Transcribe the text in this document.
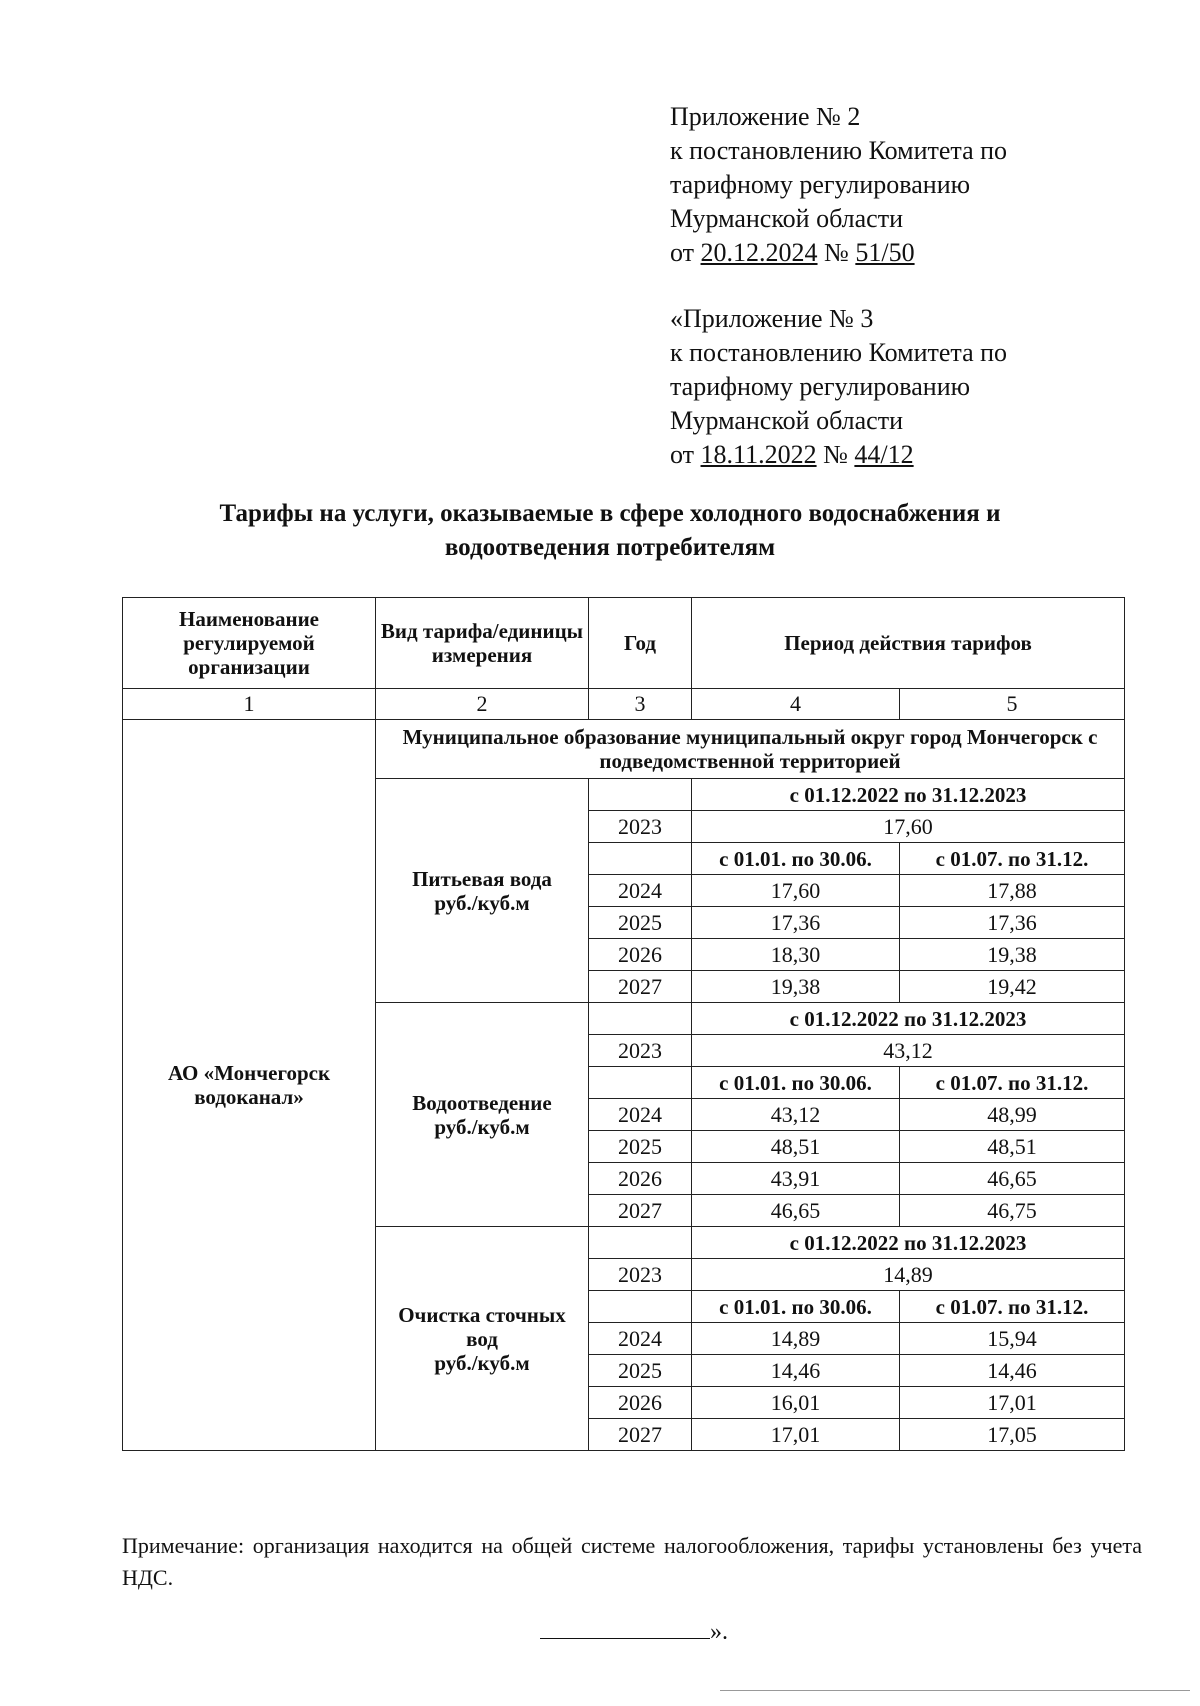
Приложение № 2
к постановлению Комитета по
тарифному регулированию
Мурманской области
от 20.12.2024 № 51/50
«Приложение № 3
к постановлению Комитета по
тарифному регулированию
Мурманской области
от 18.11.2022 № 44/12
Тарифы на услуги, оказываемые в сфере холодного водоснабжения и
водоотведения потребителям
Наименование регулируемой организации	Вид тарифа/единицы измерения	Год	Период действия тарифов	
1	2	3	4	5
АО «Мончегорск водоканал»	Муниципальное образование муниципальный округ город Мончегорск с подведомственной территорией			

	Питьевая вода
руб./куб.м		с 01.12.2022 по 31.12.2023	
		2023	17,60	
			с 01.01. по 30.06.	с 01.07. по 31.12.
		2024	17,60	17,88
		2025	17,36	17,36
		2026	18,30	19,38
		2027	19,38	19,42

	Водоотведение
руб./куб.м		с 01.12.2022 по 31.12.2023	
		2023	43,12	
			с 01.01. по 30.06.	с 01.07. по 31.12.
		2024	43,12	48,99
		2025	48,51	48,51
		2026	43,91	46,65
		2027	46,65	46,75

	Очистка сточных вод
руб./куб.м		с 01.12.2022 по 31.12.2023	
		2023	14,89	
			с 01.01. по 30.06.	с 01.07. по 31.12.
		2024	14,89	15,94
		2025	14,46	14,46
		2026	16,01	17,01
		2027	17,01	17,05
Примечание: организация находится на общей системе налогообложения, тарифы установлены без учета НДС.
».
